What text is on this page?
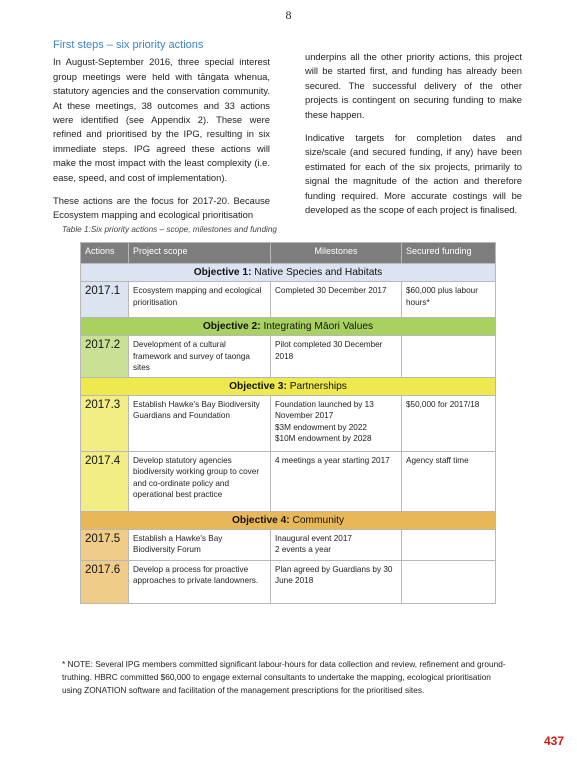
8
First steps – six priority actions

In August-September 2016, three special interest group meetings were held with tāngata whenua, statutory agencies and the conservation community. At these meetings, 38 outcomes and 33 actions were identified (see Appendix 2). These were refined and prioritised by the IPG, resulting in six immediate steps. IPG agreed these actions will make the most impact with the least complexity (i.e. ease, speed, and cost of implementation).

These actions are the focus for 2017-20. Because Ecosystem mapping and ecological prioritisation

underpins all the other priority actions, this project will be started first, and funding has already been secured. The successful delivery of the other projects is contingent on securing funding to make these happen.

Indicative targets for completion dates and size/scale (and secured funding, if any) have been estimated for each of the six projects, primarily to signal the magnitude of the action and therefore funding required. More accurate costings will be developed as the scope of each project is finalised.

Table 1:Six priority actions – scope, milestones and funding
Actions	Project scope	Milestones	Secured funding
Objective 1: Native Species and Habitats			
2017.1	Ecosystem mapping and ecological prioritisation	Completed 30 December 2017	$60,000 plus labour hours*
Objective 2: Integrating Māori Values			
2017.2	Development of a cultural framework and survey of taonga sites	Pilot completed 30 December 2018	

Objective 3: Partnerships			
2017.3	Establish Hawke's Bay Biodiversity Guardians and Foundation	Foundation launched by 13 November 2017
$3M endowment by 2022
$10M endowment by 2028	$50,000 for 2017/18
2017.4	Develop statutory agencies biodiversity working group to cover and co-ordinate policy and operational best practice	4 meetings a year starting 2017	Agency staff time
Objective 4: Community			
2017.5	Establish a Hawke's Bay Biodiversity Forum	Inaugural event 2017
2 events a year	

2017.6	Develop a process for proactive approaches to private landowners.	Plan agreed by Guardians by 30 June 2018	

* NOTE: Several IPG members committed significant labour-hours for data collection and review, refinement and ground-truthing. HBRC committed $60,000 to engage external consultants to undertake the mapping, ecological prioritisation using ZONATION software and facilitation of the management prescriptions for the prioritised sites.
437
